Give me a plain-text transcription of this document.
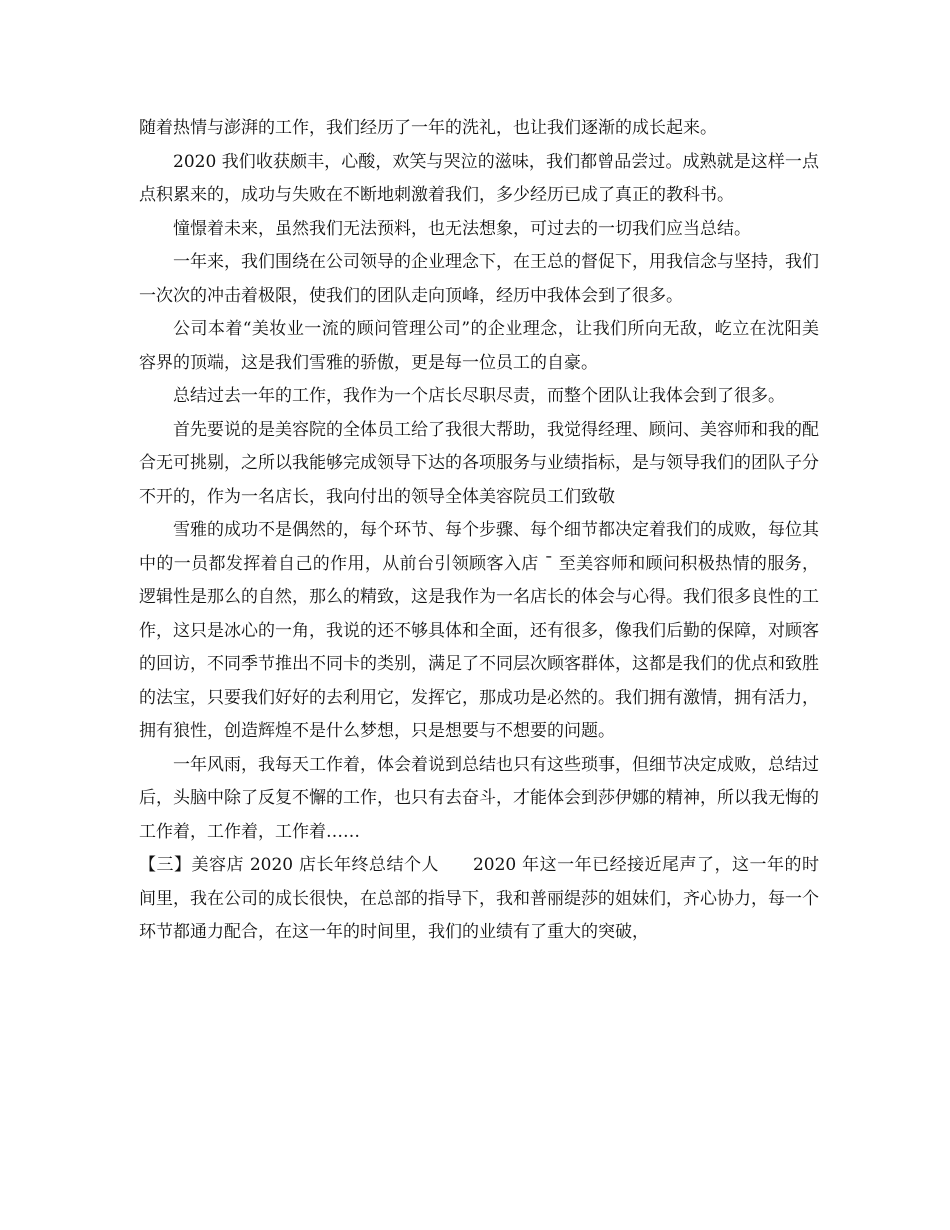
随着热情与澎湃的工作，我们经历了一年的洗礼，也让我们逐渐的成长起来。

2020 我们收获颇丰，心酸，欢笑与哭泣的滋味，我们都曾品尝过。成熟就是这样一点点积累来的，成功与失败在不断地刺激着我们，多少经历已成了真正的教科书。

憧憬着未来，虽然我们无法预料，也无法想象，可过去的一切我们应当总结。

一年来，我们围绕在公司领导的企业理念下，在王总的督促下，用我信念与坚持，我们一次次的冲击着极限，使我们的团队走向顶峰，经历中我体会到了很多。

公司本着“美妆业一流的顾问管理公司”的企业理念，让我们所向无敌，屹立在沈阳美容界的顶端，这是我们雪雅的骄傲，更是每一位员工的自豪。

总结过去一年的工作，我作为一个店长尽职尽责，而整个团队让我体会到了很多。

首先要说的是美容院的全体员工给了我很大帮助，我觉得经理、顾问、美容师和我的配合无可挑剔，之所以我能够完成领导下达的各项服务与业绩指标，是与领导我们的团队子分不开的，作为一名店长，我向付出的领导全体美容院员工们致敬

雪雅的成功不是偶然的，每个环节、每个步骤、每个细节都决定着我们的成败，每位其中的一员都发挥着自己的作用，从前台引领顾客入店 ¯ 至美容师和顾问积极热情的服务，逻辑性是那么的自然，那么的精致，这是我作为一名店长的体会与心得。我们很多良性的工作，这只是冰心的一角，我说的还不够具体和全面，还有很多，像我们后勤的保障，对顾客的回访，不同季节推出不同卡的类别，满足了不同层次顾客群体，这都是我们的优点和致胜的法宝，只要我们好好的去利用它，发挥它，那成功是必然的。我们拥有激情，拥有活力，拥有狼性，创造辉煌不是什么梦想，只是想要与不想要的问题。

一年风雨，我每天工作着，体会着说到总结也只有这些琐事，但细节决定成败，总结过后，头脑中除了反复不懈的工作，也只有去奋斗，才能体会到莎伊娜的精神，所以我无悔的工作着，工作着，工作着……

【三】美容店 2020 店长年终总结个人 2020 年这一年已经接近尾声了，这一年的时间里，我在公司的成长很快，在总部的指导下，我和普丽缇莎的姐妹们，齐心协力，每一个环节都通力配合，在这一年的时间里，我们的业绩有了重大的突破，
